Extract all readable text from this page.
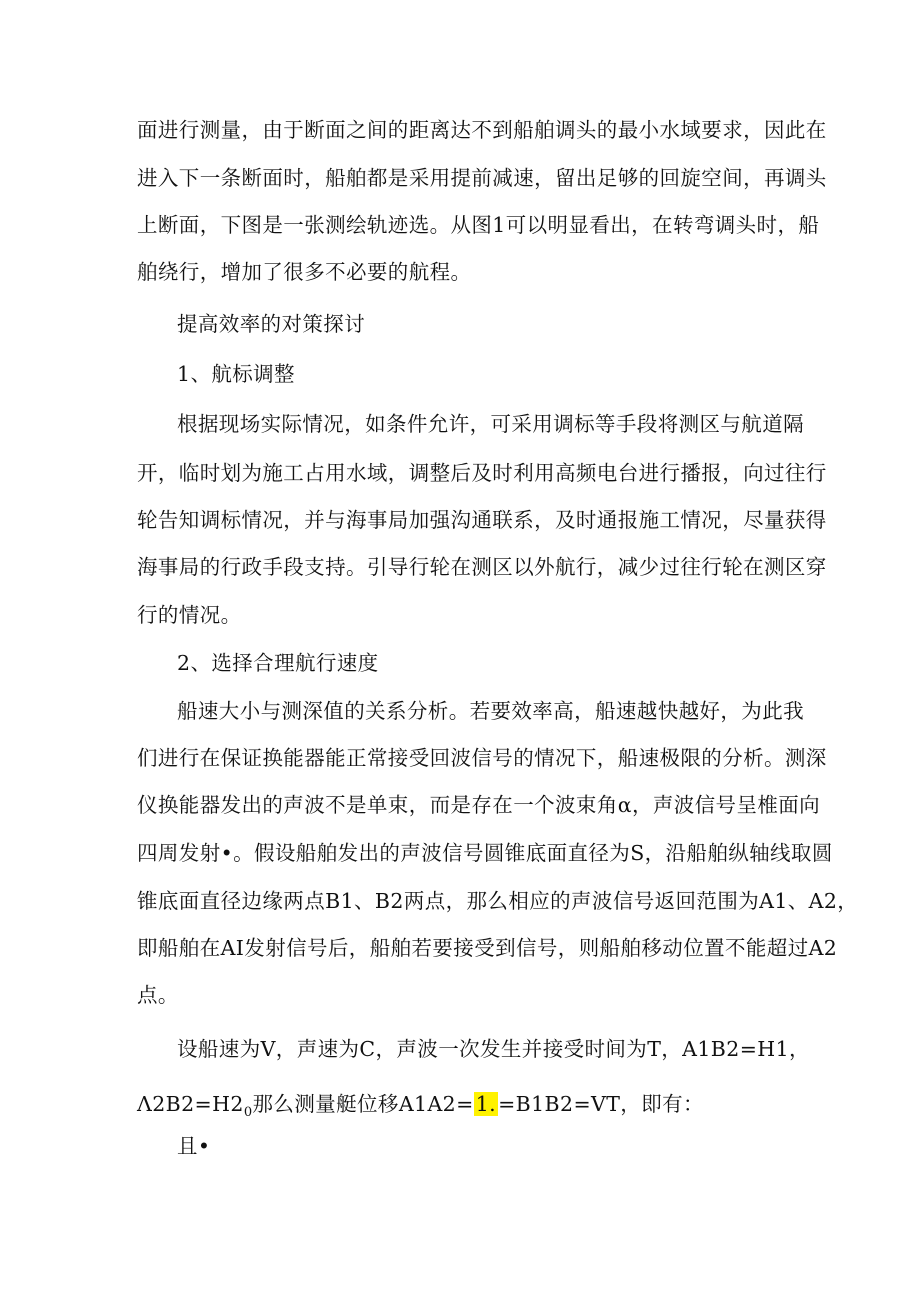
面进行测量，由于断面之间的距离达不到船舶调头的最小水域要求，因此在
进入下一条断面时，船舶都是采用提前减速，留出足够的回旋空间，再调头
上断面，下图是一张测绘轨迹选。从图1可以明显看出，在转弯调头时，船
舶绕行，增加了很多不必要的航程。
提高效率的对策探讨
1、航标调整
根据现场实际情况，如条件允许，可采用调标等手段将测区与航道隔
开，临时划为施工占用水域，调整后及时利用高频电台进行播报，向过往行
轮告知调标情况，并与海事局加强沟通联系，及时通报施工情况，尽量获得
海事局的行政手段支持。引导行轮在测区以外航行，减少过往行轮在测区穿
行的情况。
2、选择合理航行速度
船速大小与测深值的关系分析。若要效率高，船速越快越好，为此我
们进行在保证换能器能正常接受回波信号的情况下，船速极限的分析。测深
仪换能器发出的声波不是单束，而是存在一个波束角α，声波信号呈椎面向
四周发射•。假设船舶发出的声波信号圆锥底面直径为S，沿船舶纵轴线取圆
锥底面直径边缘两点B1、B2两点，那么相应的声波信号返回范围为A1、A2，
即船舶在AI发射信号后，船舶若要接受到信号，则船舶移动位置不能超过A2
点。
设船速为V，声速为C，声波一次发生并接受时间为T，A1B2=H1，
$\Lambda 2B2=H2_0$那么测量艇位移A1A2=1.=B1B2=VT，即有：
且•
